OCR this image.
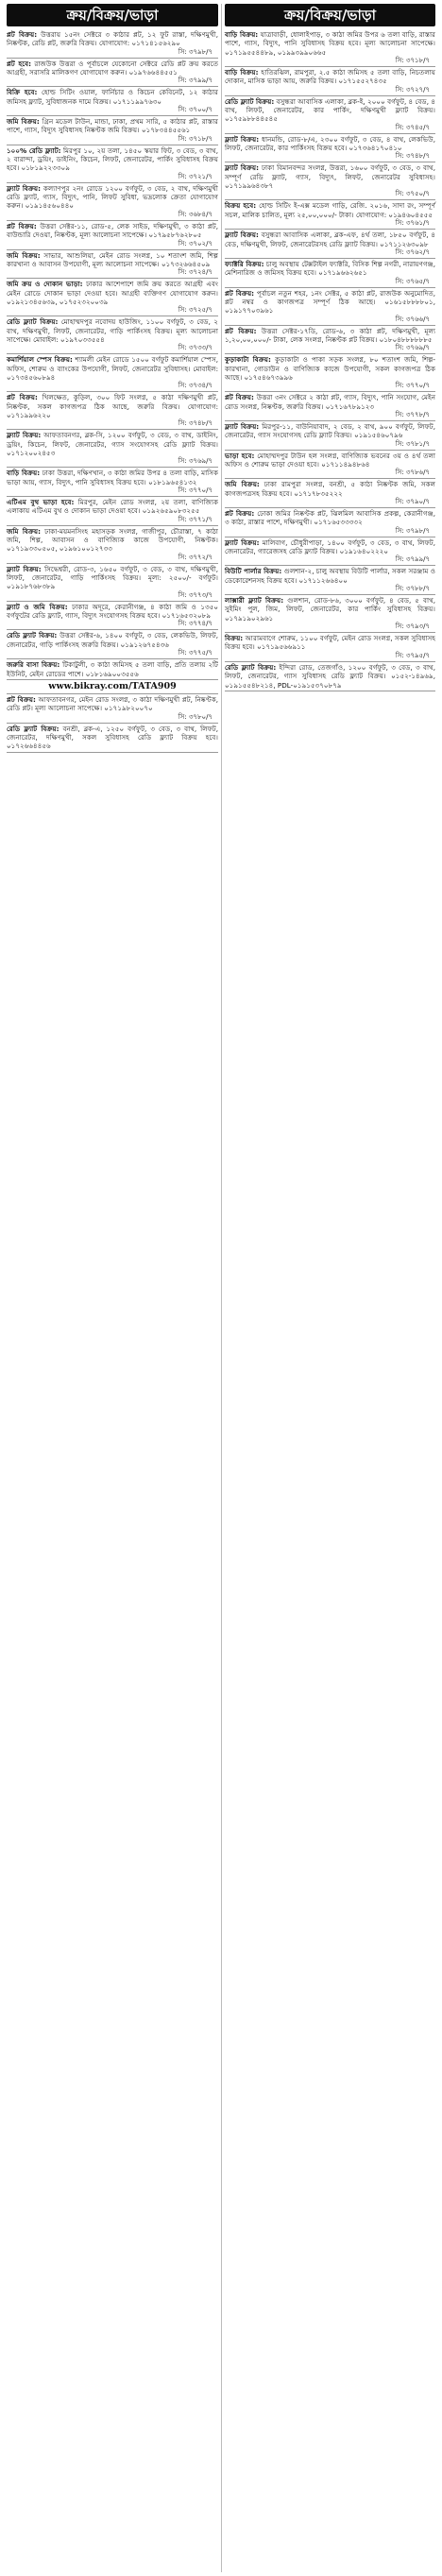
ক্রয়/বিক্রয়/ভাড়া
প্লট বিক্রয়: উত্তরায় ১৫নং সেক্টরে ৩ কাঠার প্লট, ১২ ফুট রাস্তা, দক্ষিণমুখী, নিষ্কণ্টক, রেডি প্লট, জরুরি বিক্রয়। যোগাযোগ: ০১৭১৪১৫৬২৯০
সি: ৩৭৯৮/৭
প্লট হবে: রাজউক উত্তরা ও পূর্বাচলে যেকোনো সেক্টরে রেডি প্লট ক্রয় করতে আগ্রহী, সরাসরি মালিকগণ যোগাযোগ করুন। ০১৯৭৬৬৪৪৫৫১
সি: ৩৭৯৯/৭
বিক্রি হবে: হোল্ড সিটিং ওয়াল, ফার্নিচার ও কিচেন কেবিনেট, ১২ কাঠার জমিসহ ফ্ল্যাট, সুবিধাজনক দামে বিক্রয়। ০১৭১১৯৯৭৬৩০
সি: ৩৭০০/৭
জমি বিক্রয়: গ্রিন মডেল টাউন, মান্ডা, ঢাকা, প্রথম সারি, ৫ কাঠার প্লট, রাস্তার পাশে, গ্যাস, বিদ্যুৎ সুবিধাসহ নিষ্কণ্টক জমি বিক্রয়। ০১৭৮৩৪৪৫৫৬১
সি: ৩৭১৮/৭
১০০% রেডি ফ্ল্যাট: মিরপুর ১০, ২য় তলা, ১৪৫০ স্কয়ার ফিট, ৩ বেড, ৩ বাথ, ২ বারান্দা, ড্রয়িং, ডাইনিং, কিচেন, লিফট, জেনারেটর, পার্কিং সুবিধাসহ বিক্রয় হবে। ০১৮১৯২২৩৩০৯
সি: ৩৭২১/৭
ফ্ল্যাট বিক্রয়: কল্যাণপুর ২নং রোডে ১২০০ বর্গফুট, ৩ বেড, ২ বাথ, দক্ষিণমুখী রেডি ফ্ল্যাট, গ্যাস, বিদ্যুৎ, পানি, লিফট সুবিধা, ভদ্রলোক ক্রেতা যোগাযোগ করুন। ০১৯১৪৫৬০৪৪০
সি: ৩৬৮৪/৭
প্লট বিক্রয়: উত্তরা সেক্টর-১১, রোড-৫, লেক সাইড, দক্ষিণমুখী, ৩ কাঠা প্লট, বাউন্ডারি দেওয়া, নিষ্কণ্টক, মূল্য আলোচনা সাপেক্ষে। ০১৭৯৫৮৭৬২৮০৫
সি: ৩৭০২/৭
জমি বিক্রয়: সাভার, আশুলিয়া, মেইন রোড সংলগ্ন, ১০ শতাংশ জমি, শিল্প কারখানা ও আবাসন উপযোগী, মূল্য আলোচনা সাপেক্ষে। ০১৭৩২৬৬৪৫০৯
সি: ৩৭২৪/৭
জমি ক্রয় ও দোকান ভাড়া: ঢাকার আশেপাশে জমি ক্রয় করতে আগ্রহী এবং মেইন রোডে দোকান ভাড়া দেওয়া হবে। আগ্রহী ব্যক্তিগণ যোগাযোগ করুন। ০১৯২১৩৪৫৬৩৯, ০১৭৫২৩২০০৩৯
সি: ৩৭২৫/৭
রেডি ফ্ল্যাট বিক্রয়: মোহাম্মদপুর নবোদয় হাউজিং, ১১০০ বর্গফুট, ৩ বেড, ২ বাথ, দক্ষিণমুখী, লিফট, জেনারেটর, গাড়ি পার্কিংসহ বিক্রয়। মূল্য আলোচনা সাপেক্ষে। মোবাইল: ০১৯৭০৩৩৫৫৪
সি: ৩৭৩৩/৭
কমার্শিয়াল স্পেস বিক্রয়: শ্যামলী মেইন রোডে ১৫০০ বর্গফুট কমার্শিয়াল স্পেস, অফিস, শোরুম ও ব্যাংকের উপযোগী, লিফট, জেনারেটর সুবিধাসহ। মোবাইল: ০১৭৩৪৫৬০৮৯৪
সি: ৩৭৩৪/৭
প্লট বিক্রয়: খিলক্ষেত, কুড়িল, ৩০০ ফিট সংলগ্ন, ৫ কাঠা দক্ষিণমুখী প্লট, নিষ্কণ্টক, সকল কাগজপত্র ঠিক আছে, জরুরি বিক্রয়। যোগাযোগ: ০১৭১৯৯৬২২০
সি: ৩৭৪৮/৭
ফ্ল্যাট বিক্রয়: আফতাবনগর, ব্লক-সি, ১২০০ বর্গফুট, ৩ বেড, ৩ বাথ, ডাইনিং, ড্রয়িং, কিচেন, লিফট, জেনারেটর, গ্যাস সংযোগসহ রেডি ফ্ল্যাট বিক্রয়। ০১৭১২০০২৪৫৩
সি: ৩৭৬৯/৭
বাড়ি বিক্রয়: ঢাকা উত্তরা, দক্ষিণখান, ৩ কাঠা জমির উপর ৪ তলা বাড়ি, মাসিক ভাড়া আয়, গ্যাস, বিদ্যুৎ, পানি সুবিধাসহ বিক্রয় হবে। ০১৮১৯৬৫৪১৩২
সি: ৩৭৭০/৭
এটিএম বুথ ভাড়া হবে: মিরপুর, মেইন রোড সংলগ্ন, ২য় তলা, বাণিজ্যিক এলাকায় এটিএম বুথ ও দোকান ভাড়া দেওয়া হবে। ০১৯২৬৫৯০৮৩২৫৫
সি: ৩৭৭১/৭
জমি বিক্রয়: ঢাকা-ময়মনসিংহ মহাসড়ক সংলগ্ন, গাজীপুর, চৌরাস্তা, ৭ কাঠা জমি, শিল্প, আবাসন ও বাণিজ্যিক কাজে উপযোগী, নিষ্কণ্টক। ০১৭১৯৩৩০৫০৫, ০১৯৬১০০১২৭৩৩
সি: ৩৭৭২/৭
ফ্ল্যাট বিক্রয়: সিদ্ধেশ্বরী, রোড-৩, ১৬৫০ বর্গফুট, ৩ বেড, ৩ বাথ, দক্ষিণমুখী, লিফট, জেনারেটর, গাড়ি পার্কিংসহ বিক্রয়। মূল্য: ২৫০০/- বর্গফুট। ০১৯১৮৭৬৮৩৮৯
সি: ৩৭৭৩/৭
ফ্ল্যাট ও জমি বিক্রয়: ঢাকার অদূরে, কেরানীগঞ্জ, ৪ কাঠা জমি ও ১৩৫০ বর্গফুটের রেডি ফ্ল্যাট, গ্যাস, বিদ্যুৎ সংযোগসহ বিক্রয় হবে। ০১৭১৬৫৩২০৮৯
সি: ৩৭৭৪/৭
রেডি ফ্ল্যাট বিক্রয়: উত্তরা সেক্টর-৬, ১৪০০ বর্গফুট, ৩ বেড, লেকভিউ, লিফট, জেনারেটর, গাড়ি পার্কিংসহ জরুরি বিক্রয়। ০১৯১২৬৭৫৪৩৬
সি: ৩৭৭৫/৭
জরুরি বাসা বিক্রয়: টিকাটুলী, ৩ কাঠা জমিসহ ৫ তলা বাড়ি, প্রতি তলায় ২টি ইউনিট, মেইন রোডের পাশে। ০১৮১৬৯০০৩৫৫৬
www.bikray.com/TATA909
প্লট বিক্রয়: আফতাবনগর, মেইন রোড সংলগ্ন, ৩ কাঠা দক্ষিণমুখী প্লট, নিষ্কণ্টক, রেডি প্লট। মূল্য আলোচনা সাপেক্ষে। ০১৭১৯৮২০০৭০
সি: ৩৭৮০/৭
রেডি ফ্ল্যাট বিক্রয়: বনশ্রী, ব্লক-এ, ১২৫০ বর্গফুট, ৩ বেড, ৩ বাথ, লিফট, জেনারেটর, দক্ষিণমুখী, সকল সুবিধাসহ রেডি ফ্ল্যাট বিক্রয় হবে। ০১৭২৬৬৪৪৫৬
ক্রয়/বিক্রয়/ভাড়া
বাড়ি বিক্রয়: যাত্রাবাড়ী, ধোলাইপাড়, ৩ কাঠা জমির উপর ৬ তলা বাড়ি, রাস্তার পাশে, গ্যাস, বিদ্যুৎ, পানি সুবিধাসহ বিক্রয় হবে। মূল্য আলোচনা সাপেক্ষে। ০১৭১৯৫৫৪৪৮৯, ০১৯৯৩৯৯০৬৬৫
সি: ৩৭১৮/৭
বাড়ি বিক্রয়: হাতিরঝিল, রামপুরা, ২.৫ কাঠা জমিসহ ৫ তলা বাড়ি, নিচতলায় দোকান, মাসিক ভাড়া আয়, জরুরি বিক্রয়। ০১৭১৫৫২৭৪৩৫
সি: ৩৭২৭/৭
রেডি ফ্ল্যাট বিক্রয়: বসুন্ধরা আবাসিক এলাকা, ব্লক-ই, ২০০০ বর্গফুট, ৪ বেড, ৪ বাথ, লিফট, জেনারেটর, কার পার্কিং, দক্ষিণমুখী ফ্ল্যাট বিক্রয়। ০১৭৫৯৮৮৪৪৫৪৫
সি: ৩৭৪৫/৭
ফ্ল্যাট বিক্রয়: ধানমন্ডি, রোড-৮/এ, ২৩০০ বর্গফুট, ৩ বেড, ৪ বাথ, লেকভিউ, লিফট, জেনারেটর, কার পার্কিংসহ বিক্রয় হবে। ০১৭৩৬৪১৭০৪১০
সি: ৩৭৪৮/৭
ফ্ল্যাট বিক্রয়: ঢাকা বিমানবন্দর সংলগ্ন, উত্তরা, ১৬০০ বর্গফুট, ৩ বেড, ৩ বাথ, সম্পূর্ণ রেডি ফ্ল্যাট, গ্যাস, বিদ্যুৎ, লিফট, জেনারেটর সুবিধাসহ। ০১৭১৯৯৬৪৩৮৭
সি: ৩৭৫০/৭
বিক্রয় হবে: হোল্ড সিটিং ই-এক্স মডেল গাড়ি, রেজি. ২০১৬, সাদা রং, সম্পূর্ণ সচল, মালিক চালিত, মূল্য ২৫,০০,০০০/- টাকা। যোগাযোগ: ০১৯৪৬০৪৫৫৫
সি: ৩৭৬১/৭
ফ্ল্যাট বিক্রয়: বসুন্ধরা আবাসিক এলাকা, ব্লক-এফ, ৪র্থ তলা, ১৮৫০ বর্গফুট, ৪ বেড, দক্ষিণমুখী, লিফট, জেনারেটরসহ রেডি ফ্ল্যাট বিক্রয়। ০১৭১১২৬৩০৯৮
সি: ৩৭৬২/৭
ফ্যাক্টরি বিক্রয়: চালু অবস্থায় টেক্সটাইল ফ্যাক্টরি, বিসিক শিল্প নগরী, নারায়ণগঞ্জ, মেশিনারিজ ও জমিসহ বিক্রয় হবে। ০১৭১৯৬৬২৬৫১
সি: ৩৭৬৫/৭
প্লট বিক্রয়: পূর্বাচল নতুন শহর, ১নং সেক্টর, ৫ কাঠা প্লট, রাজউক অনুমোদিত, প্লট নম্বর ও কাগজপত্র সম্পূর্ণ ঠিক আছে। ০১৬১৫৮৮৮৮০১, ০১৯১৭৭০৩৯৬১
সি: ৩৭৬৬/৭
প্লট বিক্রয়: উত্তরা সেক্টর-১৭ডি, রোড-৬, ৩ কাঠা প্লট, দক্ষিণমুখী, মূল্য ১,২০,০০,০০০/- টাকা, লেক সংলগ্ন, নিষ্কণ্টক প্লট বিক্রয়। ০১৮০৪৮৮৮৮৮৮৫
সি: ৩৭৬৯/৭
কুড়াকাটা বিক্রয়: কুড়াকাটা ও পাকা সড়ক সংলগ্ন, ৮০ শতাংশ জমি, শিল্প-কারখানা, গোডাউন ও বাণিজ্যিক কাজে উপযোগী, সকল কাগজপত্র ঠিক আছে। ০১৭৫৪৬৭৩৯৯৬
সি: ৩৭৭০/৭
প্লট বিক্রয়: উত্তরা ৩নং সেক্টরে ২ কাঠা প্লট, গ্যাস, বিদ্যুৎ, পানি সংযোগ, মেইন রোড সংলগ্ন, নিষ্কণ্টক, জরুরি বিক্রয়। ০১৭১৬৭৮৯১২৩
সি: ৩৭৭৮/৭
ফ্ল্যাট বিক্রয়: মিরপুর-১১, বাউনিয়াবাদ, ২ বেড, ২ বাথ, ৯০০ বর্গফুট, লিফট, জেনারেটর, গ্যাস সংযোগসহ রেডি ফ্ল্যাট বিক্রয়। ০১৯১৫৪৬০৭৯৬
সি: ৩৭৮১/৭
ভাড়া হবে: মোহাম্মদপুর টাউন হল সংলগ্ন, বাণিজ্যিক ভবনের ৩য় ও ৪র্থ তলা অফিস ও শোরুম ভাড়া দেওয়া হবে। ০১৭১১৪৯৪৮৬৪
সি: ৩৭৮৬/৭
জমি বিক্রয়: ঢাকা রামপুরা সংলগ্ন, বনশ্রী, ৫ কাঠা নিষ্কণ্টক জমি, সকল কাগজপত্রসহ বিক্রয় হবে। ০১৭১৭৮৩৫২২২
সি: ৩৭৯০/৭
প্লট বিক্রয়: ঢোকা জমির নিষ্কণ্টক প্লট, ঝিলমিল আবাসিক প্রকল্প, কেরানীগঞ্জ, ৩ কাঠা, রাস্তার পাশে, দক্ষিণমুখী। ০১৭১৬৫৩৩৩৩২
সি: ৩৭৯৮/৭
ফ্ল্যাট বিক্রয়: মালিবাগ, চৌধুরীপাড়া, ১৪০০ বর্গফুট, ৩ বেড, ৩ বাথ, লিফট, জেনারেটর, গ্যারেজসহ রেডি ফ্ল্যাট বিক্রয়। ০১৯১৬৪০২২২০
সি: ৩৭৯৯/৭
বিউটি পার্লার বিক্রয়: গুলশান-২, চালু অবস্থায় বিউটি পার্লার, সকল সরঞ্জাম ও ডেকোরেশনসহ বিক্রয় হবে। ০১৭১১২৬৬৪০০
সি: ৩৭৮৮/৭
লাক্সারী ফ্ল্যাট বিক্রয়: গুলশান, রোড-৮৬, ৩০০০ বর্গফুট, ৪ বেড, ৫ বাথ, সুইমিং পুল, জিম, লিফট, জেনারেটর, কার পার্কিং সুবিধাসহ বিক্রয়। ০১৭৯১৯০২৯৬১
সি: ৩৭৯৩/৭
বিক্রয়: আরামবাগে শোরুম, ১১০০ বর্গফুট, মেইন রোড সংলগ্ন, সকল সুবিধাসহ বিক্রয় হবে। ০১৭১৯৫৬৬৯১১
সি: ৩৭৯৫/৭
রেডি ফ্ল্যাট বিক্রয়: ইন্দিরা রোড, তেজগাঁও, ১২০০ বর্গফুট, ৩ বেড, ৩ বাথ, লিফট, জেনারেটর, গ্যাস সুবিধাসহ রেডি ফ্ল্যাট বিক্রয়। ০১৫২-১৪৯৬৯, ০১৯১৫৫৪৮২১৪, PDL-০১৯১৫৩৭০৮৭৯
